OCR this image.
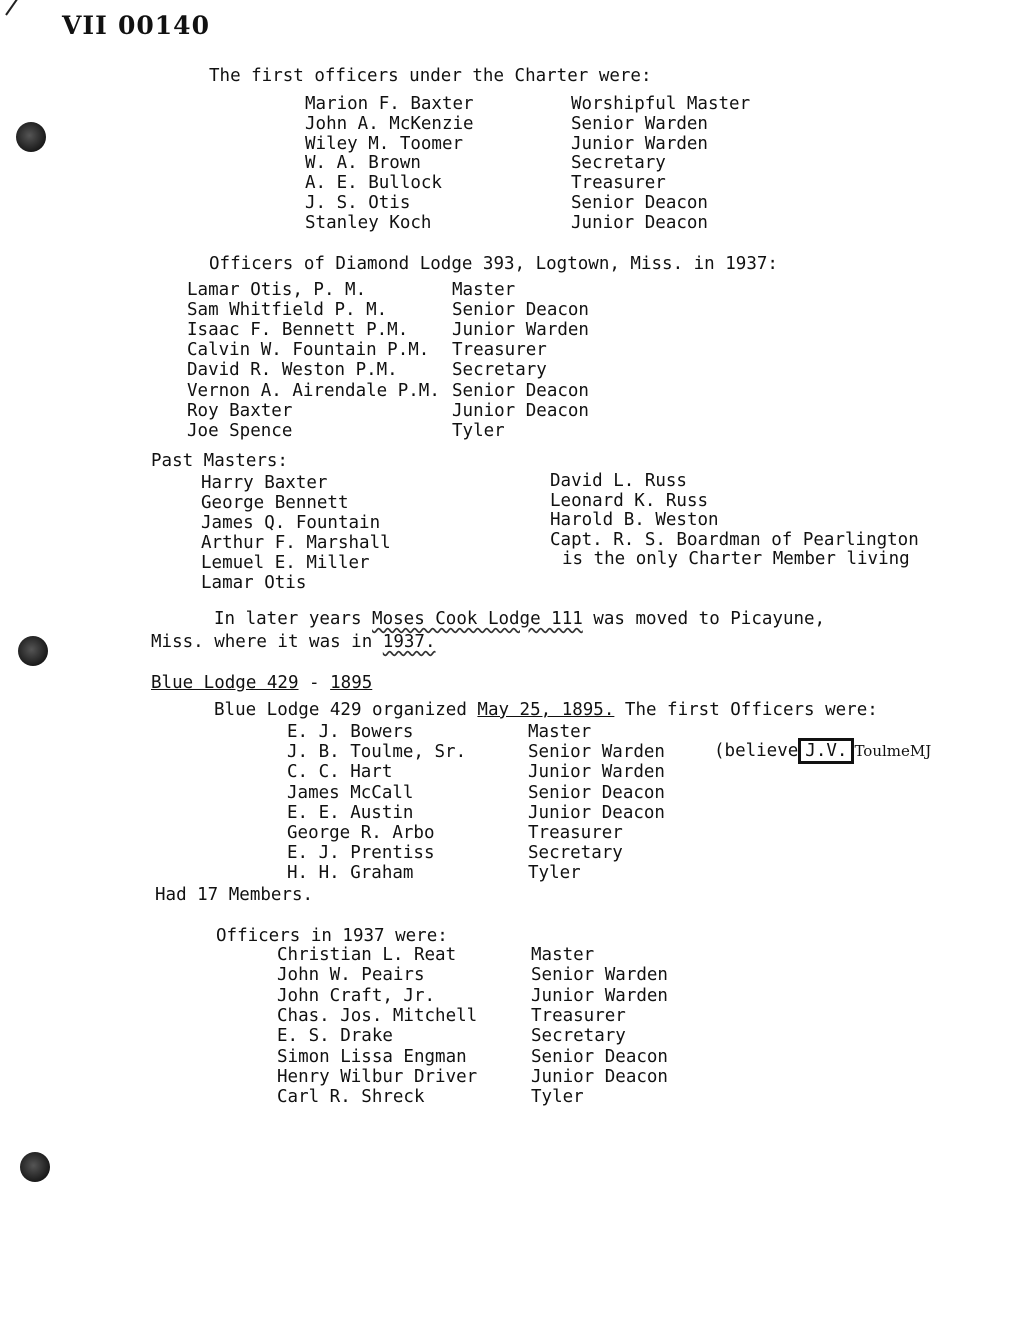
VII 00140
The first officers under the Charter were:
Marion F. Baxter	Worshipful Master
John A. McKenzie	Senior Warden
Wiley M. Toomer	Junior Warden
W. A. Brown	Secretary
A. E. Bullock	Treasurer
J. S. Otis	Senior Deacon
Stanley Koch	Junior Deacon
Officers of Diamond Lodge 393, Logtown, Miss. in 1937:
Lamar Otis, P. M.	Master
Sam Whitfield P. M.	Senior Deacon
Isaac F. Bennett P.M. Junior Warden
Calvin W. Fountain P.M. Treasurer
David R. Weston P.M.	Secretary
Vernon A. Airendale P.M. Senior Deacon
Roy Baxter	Junior Deacon
Joe Spence	Tyler
Past Masters:
Harry Baxter
George Bennett
James Q. Fountain
Arthur F. Marshall
Lemuel E. Miller
Lamar Otis
David L. Russ
Leonard K. Russ
Harold B. Weston
Capt. R. S. Boardman of Pearlington
is the only Charter Member living
In later years Moses Cook Lodge 111 was moved to Picayune,
Miss. where it was in 1937.
Blue Lodge 429 - 1895
Blue Lodge 429 organized May 25, 1895. The first Officers were:
E. J. Bowers	Master
J. B. Toulme, Sr.	Senior Warden
C. C. Hart	Junior Warden
James McCall	Senior Deacon
E. E. Austin	Junior Deacon
George R. Arbo	Treasurer
E. J. Prentiss	Secretary
H. H. Graham	Tyler
(believe J.V. ToulmeMJ
Had 17 Members.
Officers in 1937 were:
Christian L. Reat	Master
John W. Peairs	Senior Warden
John Craft, Jr.	Junior Warden
Chas. Jos. Mitchell	Treasurer
E. S. Drake	Secretary
Simon Lissa Engman	Senior Deacon
Henry Wilbur Driver	Junior Deacon
Carl R. Shreck	Tyler
